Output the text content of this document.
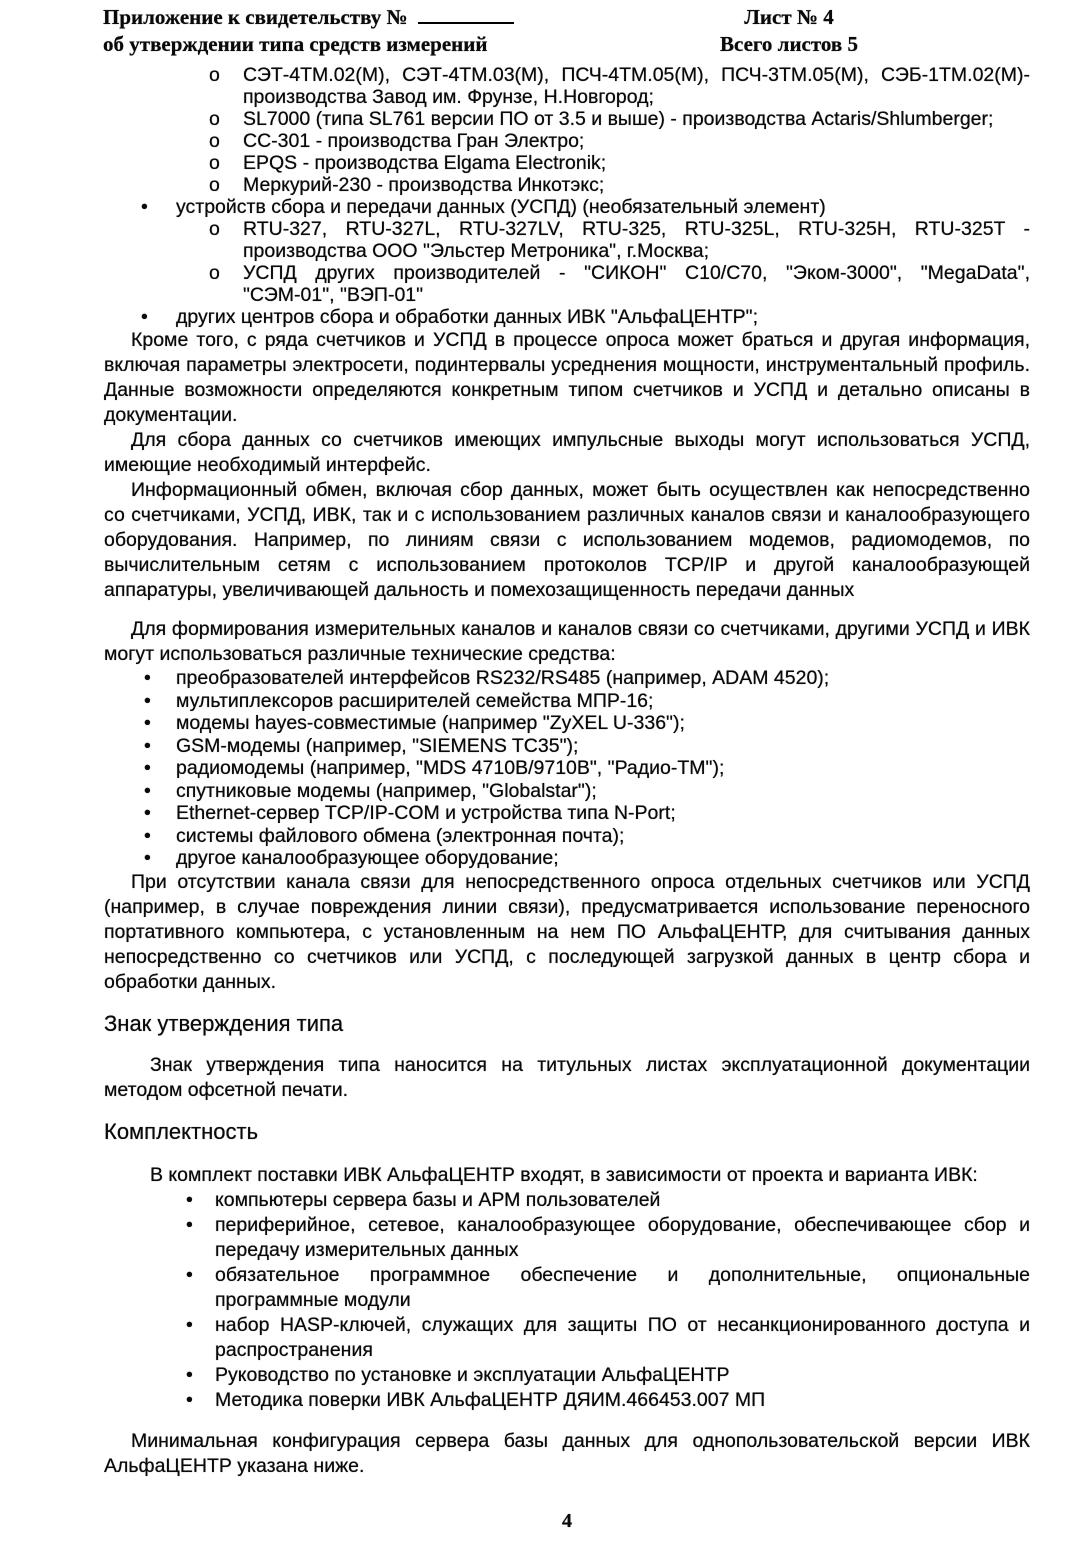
Приложение к свидетельству №
об утверждении типа средств измерений
Лист № 4
Всего листов 5
o СЭТ-4ТМ.02(М), СЭТ-4ТМ.03(М), ПСЧ-4ТМ.05(М), ПСЧ-3ТМ.05(М), СЭБ-1ТМ.02(М)- производства Завод им. Фрунзе, Н.Новгород;
o SL7000 (типа SL761 версии ПО от 3.5 и выше) - производства Actaris/Shlumberger;
o СС-301 - производства Гран Электро;
o EPQS - производства Elgama Electronik;
o Меркурий-230 - производства Инкотэкс;
• устройств сбора и передачи данных (УСПД) (необязательный элемент)
o RTU-327, RTU-327L, RTU-327LV, RTU-325, RTU-325L, RTU-325H, RTU-325T - производства ООО "Эльстер Метроника", г.Москва;
o УСПД других производителей - "СИКОН" С10/С70, "Эком-3000", "MegaData", "СЭМ-01", "ВЭП-01"
• других центров сбора и обработки данных ИВК "АльфаЦЕНТР";

Кроме того, с ряда счетчиков и УСПД в процессе опроса может браться и другая информация, включая параметры электросети, подинтервалы усреднения мощности, инструментальный профиль. Данные возможности определяются конкретным типом счетчиков и УСПД и детально описаны в документации.

Для сбора данных со счетчиков имеющих импульсные выходы могут использоваться УСПД, имеющие необходимый интерфейс.

Информационный обмен, включая сбор данных, может быть осуществлен как непосредственно со счетчиками, УСПД, ИВК, так и с использованием различных каналов связи и каналообразующего оборудования. Например, по линиям связи с использованием модемов, радиомодемов, по вычислительным сетям с использованием протоколов TCP/IP и другой каналообразующей аппаратуры, увеличивающей дальность и помехозащищенность передачи данных

Для формирования измерительных каналов и каналов связи со счетчиками, другими УСПД и ИВК могут использоваться различные технические средства:

• преобразователей интерфейсов RS232/RS485 (например, ADAM 4520);
• мультиплексоров расширителей семейства МПР-16;
• модемы hayes-совместимые (например "ZyXEL U-336");
• GSM-модемы (например, "SIEMENS TC35");
• радиомодемы (например, "MDS 4710B/9710B", "Радио-ТМ");
• спутниковые модемы (например, "Globalstar");
• Ethernet-сервер TCP/IP-COM и устройства типа N-Port;
• системы файлового обмена (электронная почта);
• другое каналообразующее оборудование;

При отсутствии канала связи для непосредственного опроса отдельных счетчиков или УСПД (например, в случае повреждения линии связи), предусматривается использование переносного портативного компьютера, с установленным на нем ПО АльфаЦЕНТР, для считывания данных непосредственно со счетчиков или УСПД, с последующей загрузкой данных в центр сбора и обработки данных.

Знак утверждения типа

Знак утверждения типа наносится на титульных листах эксплуатационной документации методом офсетной печати.

Комплектность

В комплект поставки ИВК АльфаЦЕНТР входят, в зависимости от проекта и варианта ИВК:

• компьютеры сервера базы и АРМ пользователей
• периферийное, сетевое, каналообразующее оборудование, обеспечивающее сбор и передачу измерительных данных
• обязательное программное обеспечение и дополнительные, опциональные программные модули
• набор HASP-ключей, служащих для защиты ПО от несанкционированного доступа и распространения
• Руководство по установке и эксплуатации АльфаЦЕНТР
• Методика поверки ИВК АльфаЦЕНТР ДЯИМ.466453.007 МП

Минимальная конфигурация сервера базы данных для однопользовательской версии ИВК АльфаЦЕНТР указана ниже.

4
